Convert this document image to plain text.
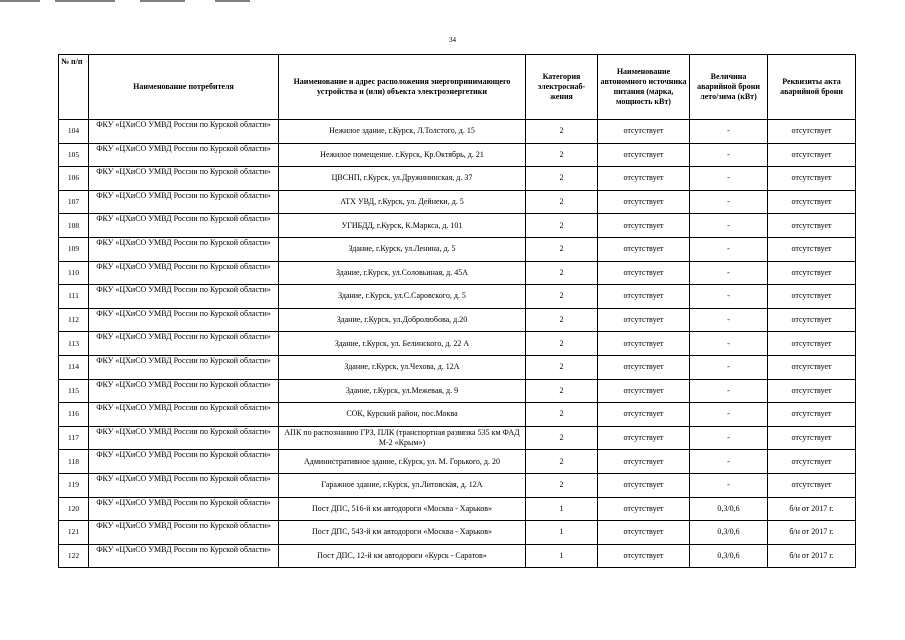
34
№ п/п	Наименование потребителя	Наименование и адрес расположения энергопринимающего устройства и (или) объекта электроэнергетики	Категория электроснаб-жения	Наименование автономного источника питания (марка, мощность кВт)	Величина аварийной брони лето/зима (кВт)	Реквизиты акта аварийной брони
104	ФКУ «ЦХиСО УМВД России по Курской области»	Нежилое здание, г.Курск, Л.Толстого, д. 15	2	отсутствует	-	отсутствует
105	ФКУ «ЦХиСО УМВД России по Курской области»	Нежилое помещение. г.Курск, Кр.Октябрь, д. 21	2	отсутствует	-	отсутствует
106	ФКУ «ЦХиСО УМВД России по Курской области»	ЦВСНП, г.Курск, ул.Дружининская, д. 37	2	отсутствует	-	отсутствует
107	ФКУ «ЦХиСО УМВД России по Курской области»	АТХ УВД, г.Курск, ул. Дейнеки, д. 5	2	отсутствует	-	отсутствует
108	ФКУ «ЦХиСО УМВД России по Курской области»	УГИБДД, г.Курск, К.Маркса, д. 101	2	отсутствует	-	отсутствует
109	ФКУ «ЦХиСО УМВД России по Курской области»	Здание, г.Курск, ул.Ленина, д. 5	2	отсутствует	-	отсутствует
110	ФКУ «ЦХиСО УМВД России по Курской области»	Здание, г.Курск, ул.Соловьиная, д. 45А	2	отсутствует	-	отсутствует
111	ФКУ «ЦХиСО УМВД России по Курской области»	Здание, г.Курск, ул.С.Саровского, д. 5	2	отсутствует	-	отсутствует
112	ФКУ «ЦХиСО УМВД России по Курской области»	Здание, г.Курск, ул.Добролюбова, д.20	2	отсутствует	-	отсутствует
113	ФКУ «ЦХиСО УМВД России по Курской области»	Здание, г.Курск, ул. Белинского, д. 22 А	2	отсутствует	-	отсутствует
114	ФКУ «ЦХиСО УМВД России по Курской области»	Здание, г.Курск, ул.Чехова, д. 12А	2	отсутствует	-	отсутствует
115	ФКУ «ЦХиСО УМВД России по Курской области»	Здание, г.Курск, ул.Межевая, д. 9	2	отсутствует	-	отсутствует
116	ФКУ «ЦХиСО УМВД России по Курской области»	СОК, Курский район, пос.Моква	2	отсутствует	-	отсутствует
117	ФКУ «ЦХиСО УМВД России по Курской области»	АПК по распознанию ГРЗ, ПЛК (транспортная развязка 535 км ФАД М-2 «Крым»)	2	отсутствует	-	отсутствует
118	ФКУ «ЦХиСО УМВД России по Курской области»	Административное здание, г.Курск, ул. М. Горького, д. 20	2	отсутствует	-	отсутствует
119	ФКУ «ЦХиСО УМВД России по Курской области»	Гаражное здание, г.Курск, ул.Литовская, д. 12А	2	отсутствует	-	отсутствует
120	ФКУ «ЦХиСО УМВД России по Курской области»	Пост ДПС, 516-й км автодороги «Москва - Харьков»	1	отсутствует	0,3/0,6	б/н от 2017 г.
121	ФКУ «ЦХиСО УМВД России по Курской области»	Пост ДПС, 543-й км автодороги «Москва - Харьков»	1	отсутствует	0,3/0,6	б/н от 2017 г.
122	ФКУ «ЦХиСО УМВД России по Курской области»	Пост ДПС, 12-й км автодороги «Курск - Саратов»	1	отсутствует	0,3/0,6	б/н от 2017 г.
